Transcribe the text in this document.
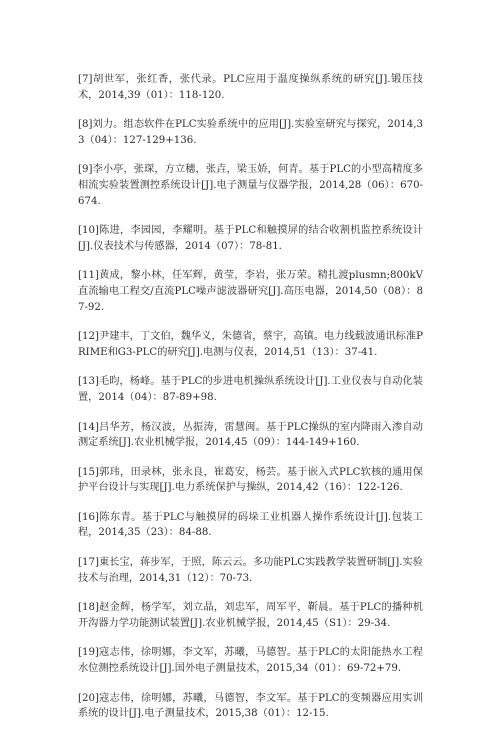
[7]胡世军，张红香，张代录。PLC应用于温度操纵系统的研究[J].锻压技术，2014,39（01）：118-120.
[8]刘力。组态软件在PLC实验系统中的应用[J].实验室研究与探究，2014,33（04）：127-129+136.
[9]李小亭，张琛，方立穗，张垚，梁玉娇，何青。基于PLC的小型高精度多相流实验装置测控系统设计[J].电子测量与仪器学报，2014,28（06）：670-674.
[10]陈进，李园园，李耀明。基于PLC和触摸屏的结合收割机监控系统设计[J].仪表技术与传感器，2014（07）：78-81.
[11]黄成，黎小林，任军辉，黄莹，李岩，张万荣。精扎渡plusmn;800kV直流输电工程交/直流PLC噪声滤波器研究[J].高压电器，2014,50（08）：87-92.
[12]尹建丰，丁文伯，魏华义，朱德省，蔡宇，高镇。电力线载波通讯标准PRIME和G3-PLC的研究[J].电测与仪表，2014,51（13）：37-41.
[13]毛昀，杨峰。基于PLC的步进电机操纵系统设计[J].工业仪表与自动化装置，2014（04）：87-89+98.
[14]吕华芳，杨汉波，丛振涛，雷慧闽。基于PLC操纵的室内降雨入渗自动测定系统[J].农业机械学报，2014,45（09）：144-149+160.
[15]郭玮，田录林，张永良，崔葛安，杨芸。基于嵌入式PLC软核的通用保护平台设计与实现[J].电力系统保护与操纵，2014,42（16）：122-126.
[16]陈东青。基于PLC与触摸屏的码垛工业机器人操作系统设计[J].包装工程，2014,35（23）：84-88.
[17]東长宝，蒋步军，于照，陈云云。多功能PLC实践教学装置研制[J].实验技术与治理，2014,31（12）：70-73.
[18]赵金辉，杨学军，刘立晶，刘忠军，周军平，靳晨。基于PLC的播种机开沟器力学功能测试装置[J].农业机械学报，2014,45（S1）：29-34.
[19]寇志伟，徐明娜，李文军，苏曦，马德智。基于PLC的太阳能热水工程水位测控系统设计[J].国外电子测量技术，2015,34（01）：69-72+79.
[20]寇志伟，徐明娜，苏曦，马德智，李文军。基于PLC的变频器应用实训系统的设计[J].电子测量技术，2015,38（01）：12-15.
